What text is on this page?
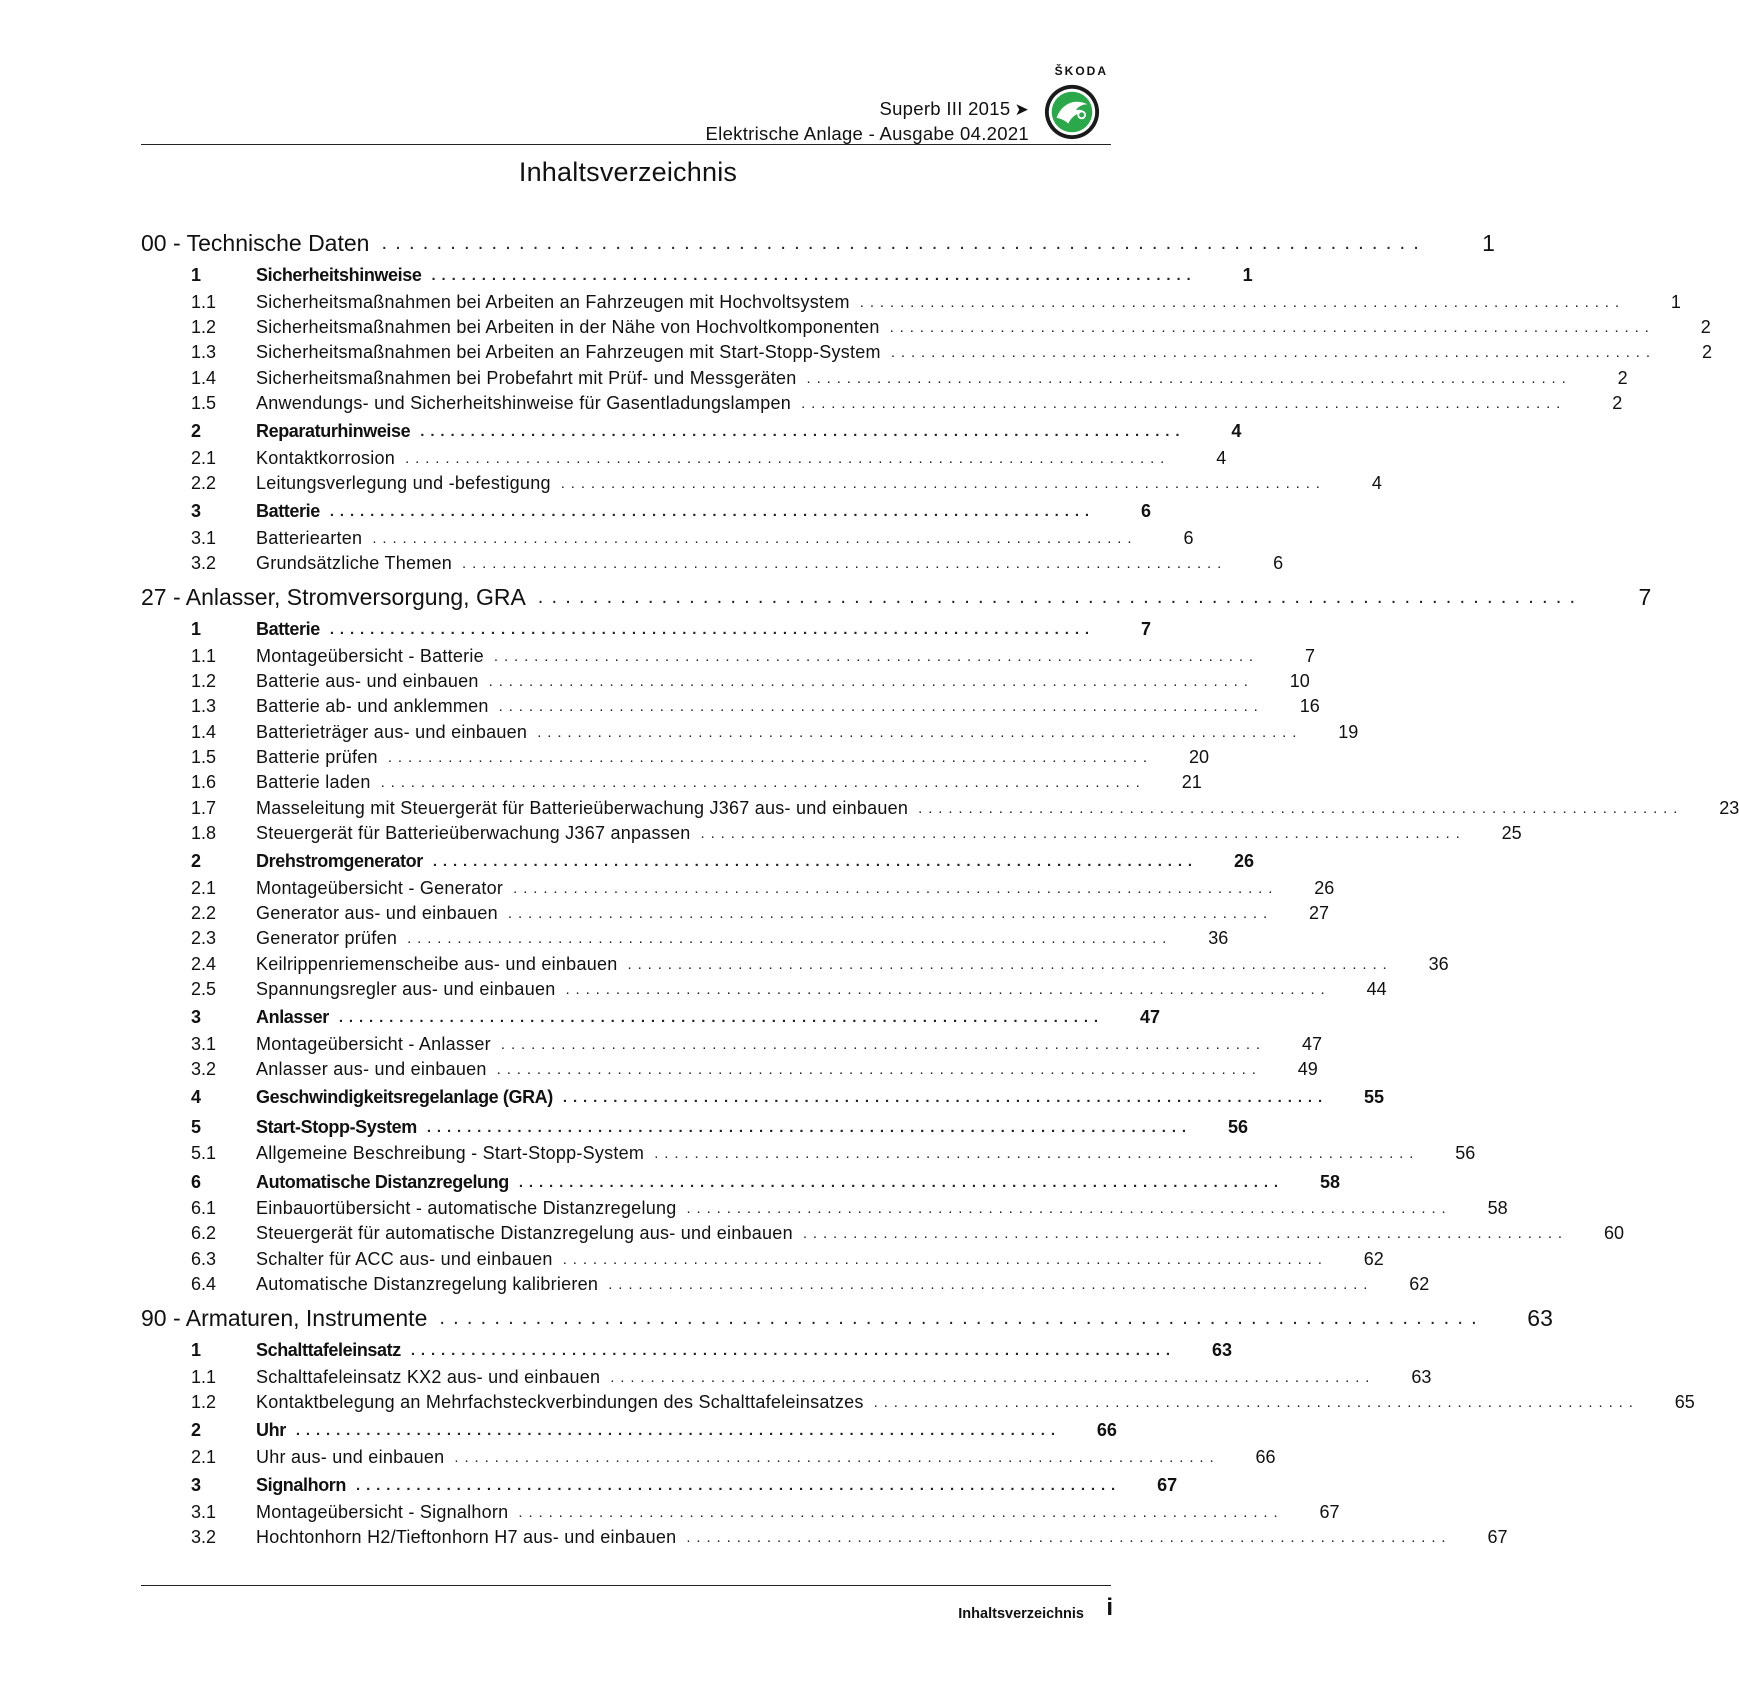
ŠKODA
Superb III 2015 ➤
Elektrische Anlage - Ausgabe 04.2021
Inhaltsverzeichnis
00 - Technische Daten ............................................................................	1
1	Sicherheitshinweise ............................................................................	1
1.1	Sicherheitsmaßnahmen bei Arbeiten an Fahrzeugen mit Hochvoltsystem ............................................................................	1
1.2	Sicherheitsmaßnahmen bei Arbeiten in der Nähe von Hochvoltkomponenten ............................................................................	2
1.3	Sicherheitsmaßnahmen bei Arbeiten an Fahrzeugen mit Start-Stopp-System ............................................................................	2
1.4	Sicherheitsmaßnahmen bei Probefahrt mit Prüf- und Messgeräten ............................................................................	2
1.5	Anwendungs- und Sicherheitshinweise für Gasentladungslampen ............................................................................	2
2	Reparaturhinweise ............................................................................	4
2.1	Kontaktkorrosion ............................................................................	4
2.2	Leitungsverlegung und -befestigung ............................................................................	4
3	Batterie ............................................................................	6
3.1	Batteriearten ............................................................................	6
3.2	Grundsätzliche Themen ............................................................................	6
27 - Anlasser, Stromversorgung, GRA ............................................................................	7
1	Batterie ............................................................................	7
1.1	Montageübersicht - Batterie ............................................................................	7
1.2	Batterie aus- und einbauen ............................................................................	10
1.3	Batterie ab- und anklemmen ............................................................................	16
1.4	Batterieträger aus- und einbauen ............................................................................	19
1.5	Batterie prüfen ............................................................................	20
1.6	Batterie laden ............................................................................	21
1.7	Masseleitung mit Steuergerät für Batterieüberwachung J367 aus- und einbauen ............................................................................	23
1.8	Steuergerät für Batterieüberwachung J367 anpassen ............................................................................	25
2	Drehstromgenerator ............................................................................	26
2.1	Montageübersicht - Generator ............................................................................	26
2.2	Generator aus- und einbauen ............................................................................	27
2.3	Generator prüfen ............................................................................	36
2.4	Keilrippenriemenscheibe aus- und einbauen ............................................................................	36
2.5	Spannungsregler aus- und einbauen ............................................................................	44
3	Anlasser ............................................................................	47
3.1	Montageübersicht - Anlasser ............................................................................	47
3.2	Anlasser aus- und einbauen ............................................................................	49
4	Geschwindigkeitsregelanlage (GRA) ............................................................................	55
5	Start-Stopp-System ............................................................................	56
5.1	Allgemeine Beschreibung - Start-Stopp-System ............................................................................	56
6	Automatische Distanzregelung ............................................................................	58
6.1	Einbauortübersicht - automatische Distanzregelung ............................................................................	58
6.2	Steuergerät für automatische Distanzregelung aus- und einbauen ............................................................................	60
6.3	Schalter für ACC aus- und einbauen ............................................................................	62
6.4	Automatische Distanzregelung kalibrieren ............................................................................	62
90 - Armaturen, Instrumente ............................................................................	63
1	Schalttafeleinsatz ............................................................................	63
1.1	Schalttafeleinsatz KX2 aus- und einbauen ............................................................................	63
1.2	Kontaktbelegung an Mehrfachsteckverbindungen des Schalttafeleinsatzes ............................................................................	65
2	Uhr ............................................................................	66
2.1	Uhr aus- und einbauen ............................................................................	66
3	Signalhorn ............................................................................	67
3.1	Montageübersicht - Signalhorn ............................................................................	67
3.2	Hochtonhorn H2/Tieftonhorn H7 aus- und einbauen ............................................................................	67
Inhaltsverzeichnis i
